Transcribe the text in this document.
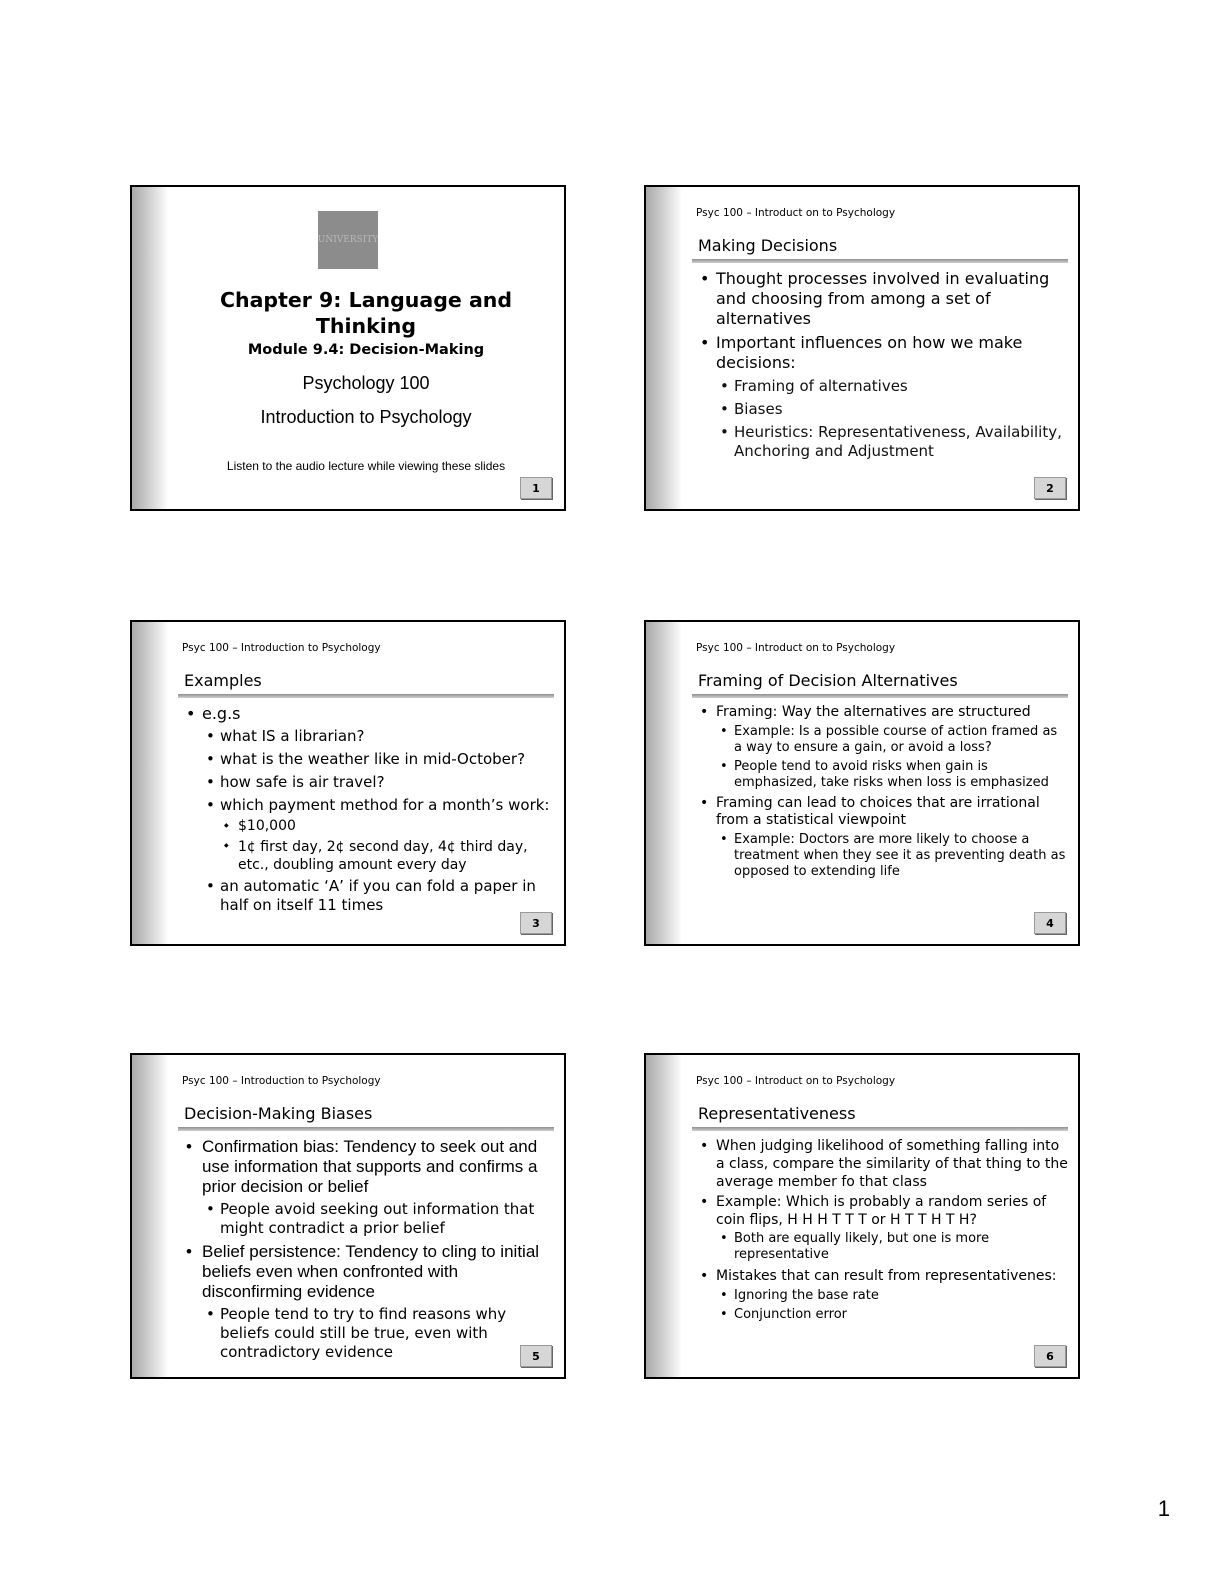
UNIVERSITY
Chapter 9: Language and Thinking
Module 9.4: Decision-Making
Psychology 100
Introduction to Psychology
Listen to the audio lecture while viewing these slides
1
Psyc 100 – Introduct on to Psychology
Making Decisions
• Thought processes involved in evaluating and choosing from among a set of alternatives
• Important influences on how we make decisions:
• Framing of alternatives
• Biases
• Heuristics: Representativeness, Availability, Anchoring and Adjustment
2
Psyc 100 – Introduction to Psychology
Examples
• e.g.s
• what IS a librarian?
• what is the weather like in mid-October?
• how safe is air travel?
• which payment method for a month’s work:
◆ $10,000
◆ 1¢ first day, 2¢ second day, 4¢ third day, etc., doubling amount every day
• an automatic ‘A’ if you can fold a paper in half on itself 11 times
3
Psyc 100 – Introduct on to Psychology
Framing of Decision Alternatives
• Framing: Way the alternatives are structured
• Example: Is a possible course of action framed as a way to ensure a gain, or avoid a loss?
• People tend to avoid risks when gain is emphasized, take risks when loss is emphasized
• Framing can lead to choices that are irrational from a statistical viewpoint
• Example: Doctors are more likely to choose a treatment when they see it as preventing death as opposed to extending life
4
Psyc 100 – Introduction to Psychology
Decision-Making Biases
• Confirmation bias: Tendency to seek out and use information that supports and confirms a prior decision or belief
• People avoid seeking out information that might contradict a prior belief
• Belief persistence: Tendency to cling to initial beliefs even when confronted with disconfirming evidence
• People tend to try to find reasons why beliefs could still be true, even with contradictory evidence	5
Psyc 100 – Introduct on to Psychology
Representativeness
• When judging likelihood of something falling into a class, compare the similarity of that thing to the average member fo that class
• Example: Which is probably a random series of coin flips, H H H T T T or H T T H T H?
• Both are equally likely, but one is more representative
• Mistakes that can result from representativenes:
• Ignoring the base rate
• Conjunction error
6
1
